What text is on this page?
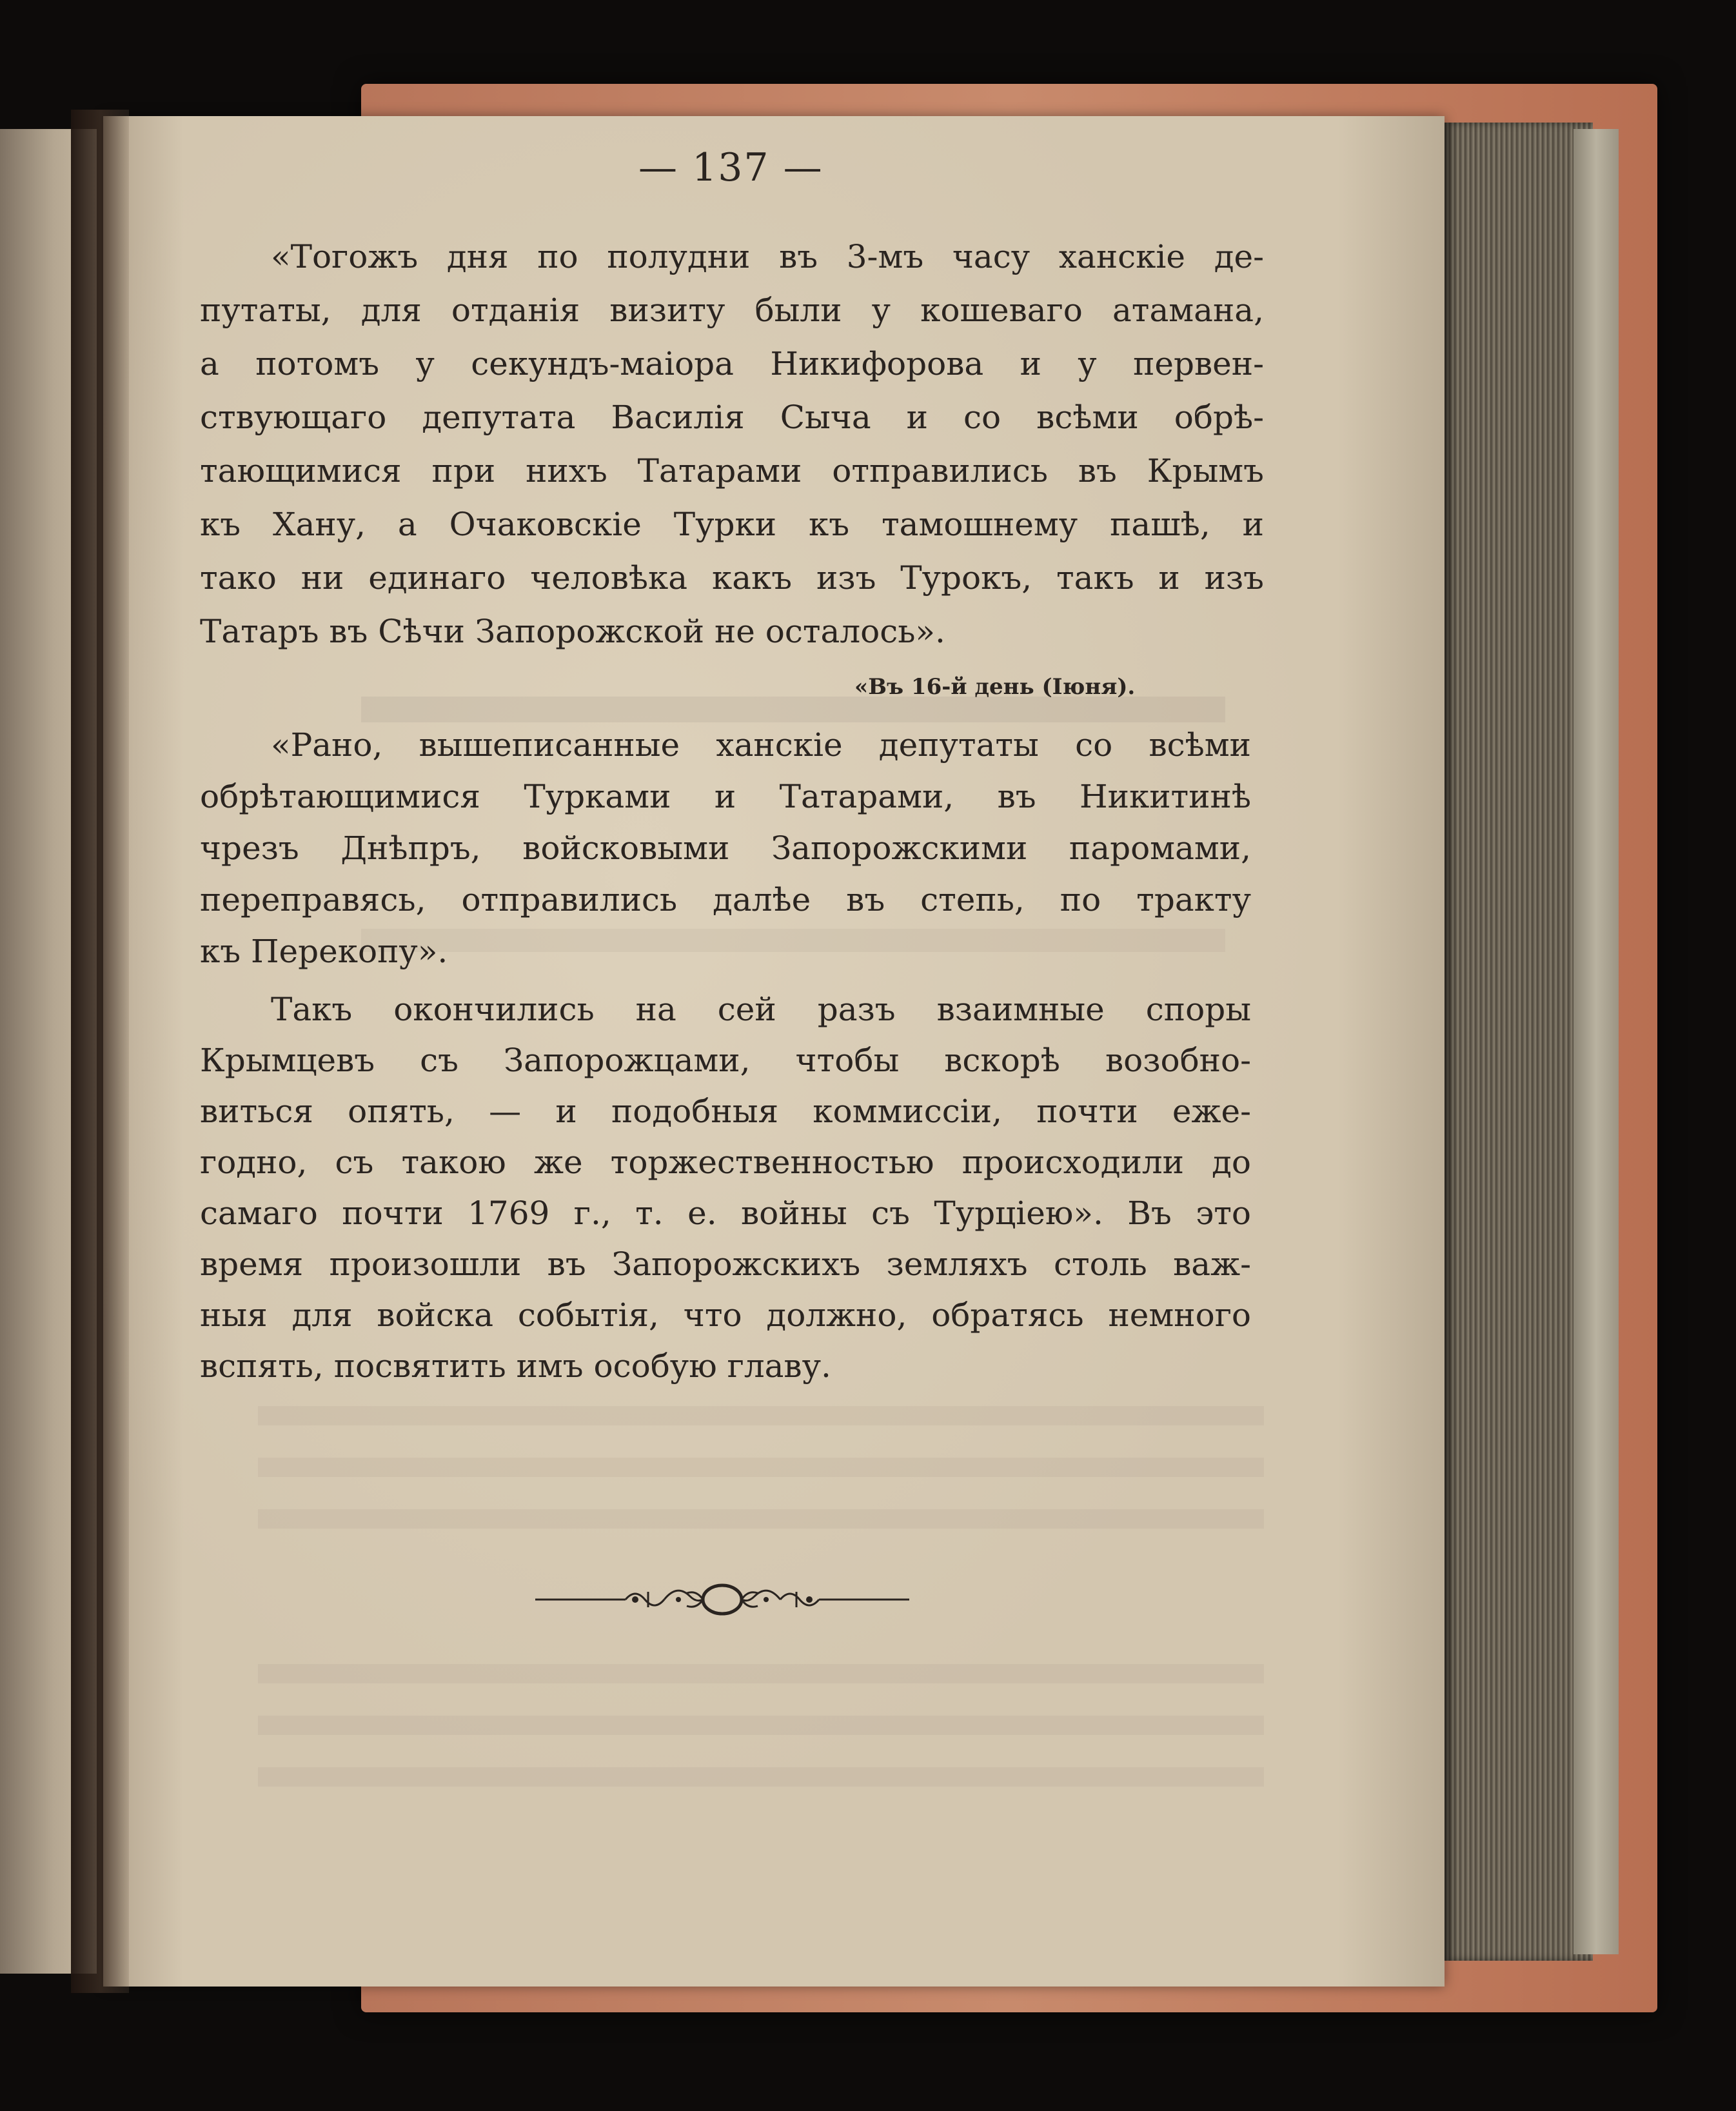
— 137 —
«Тогожъ дня по полудни въ 3-мъ часу ханскіе де-
путаты, для отданія визиту были у кошеваго атамана,
а потомъ у секундъ-маіора Никифорова и у первен-
ствующаго депутата Василія Сыча и со всѣми обрѣ-
тающимися при нихъ Татарами отправились въ Крымъ
къ Хану, а Очаковскіе Турки къ тамошнему пашѣ, и
тако ни единаго человѣка какъ изъ Турокъ, такъ и изъ
Татаръ въ Сѣчи Запорожской не осталось».
«Въ 16-й день (Іюня).
«Рано, вышеписанные ханскіе депутаты со всѣми
обрѣтающимися Турками и Татарами, въ Никитинѣ
чрезъ Днѣпръ, войсковыми Запорожскими паромами,
переправясь, отправились далѣе въ степь, по тракту
къ Перекопу».
Такъ окончились на сей разъ взаимные споры
Крымцевъ съ Запорожцами, чтобы вскорѣ возобно-
виться опять, — и подобныя коммиссіи, почти еже-
годно, съ такою же торжественностью происходили до
самаго почти 1769 г., т. е. войны съ Турціею». Въ это
время произошли въ Запорожскихъ земляхъ столь важ-
ныя для войска событія, что должно, обратясь немного
вспять, посвятить имъ особую главу.
